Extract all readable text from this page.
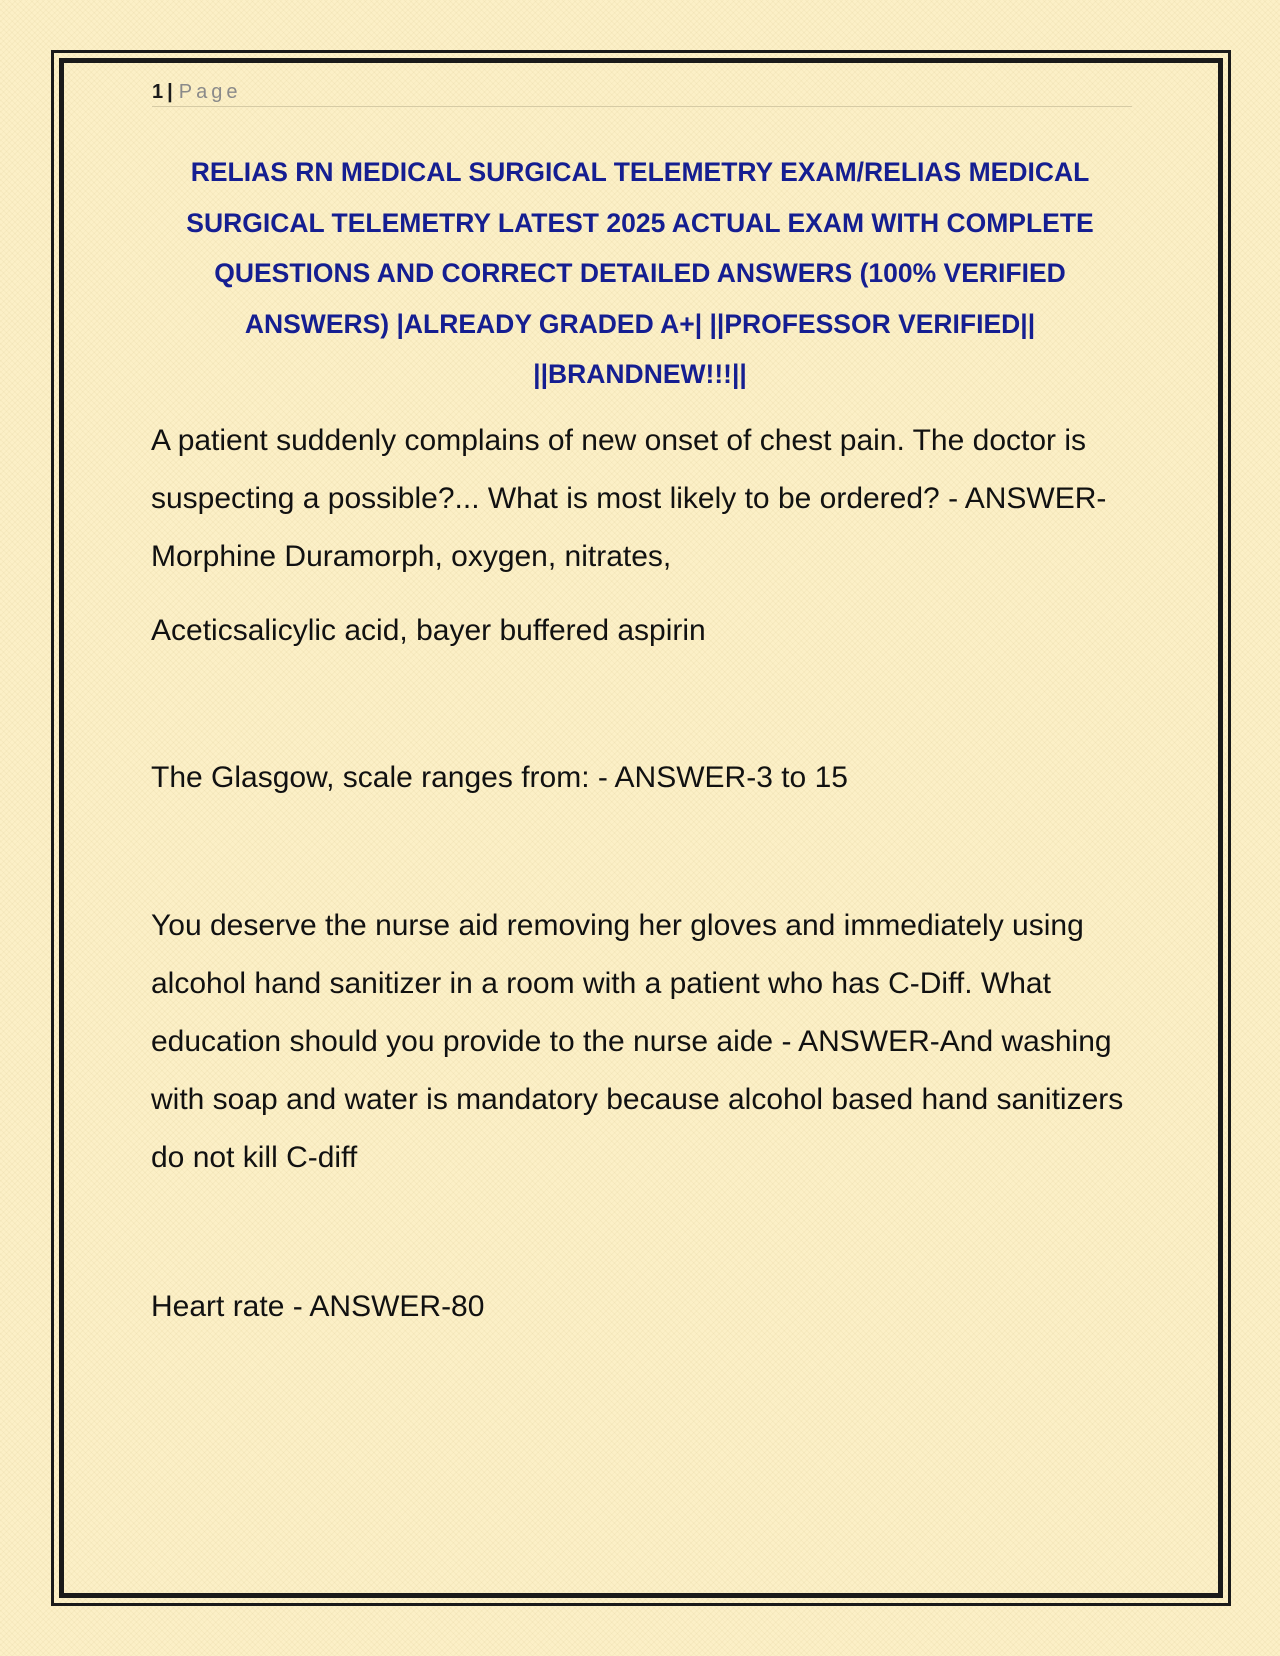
1 | Page
RELIAS RN MEDICAL SURGICAL TELEMETRY EXAM/RELIAS MEDICAL SURGICAL TELEMETRY LATEST 2025 ACTUAL EXAM WITH COMPLETE QUESTIONS AND CORRECT DETAILED ANSWERS (100% VERIFIED ANSWERS) |ALREADY GRADED A+| ||PROFESSOR VERIFIED|| ||BRANDNEW!!!||

A patient suddenly complains of new onset of chest pain. The doctor is suspecting a possible?... What is most likely to be ordered? - ANSWER-Morphine Duramorph, oxygen, nitrates,

Aceticsalicylic acid, bayer buffered aspirin

The Glasgow, scale ranges from: - ANSWER-3 to 15

You deserve the nurse aid removing her gloves and immediately using alcohol hand sanitizer in a room with a patient who has C-Diff. What education should you provide to the nurse aide - ANSWER-And washing with soap and water is mandatory because alcohol based hand sanitizers do not kill C-diff

Heart rate - ANSWER-80
